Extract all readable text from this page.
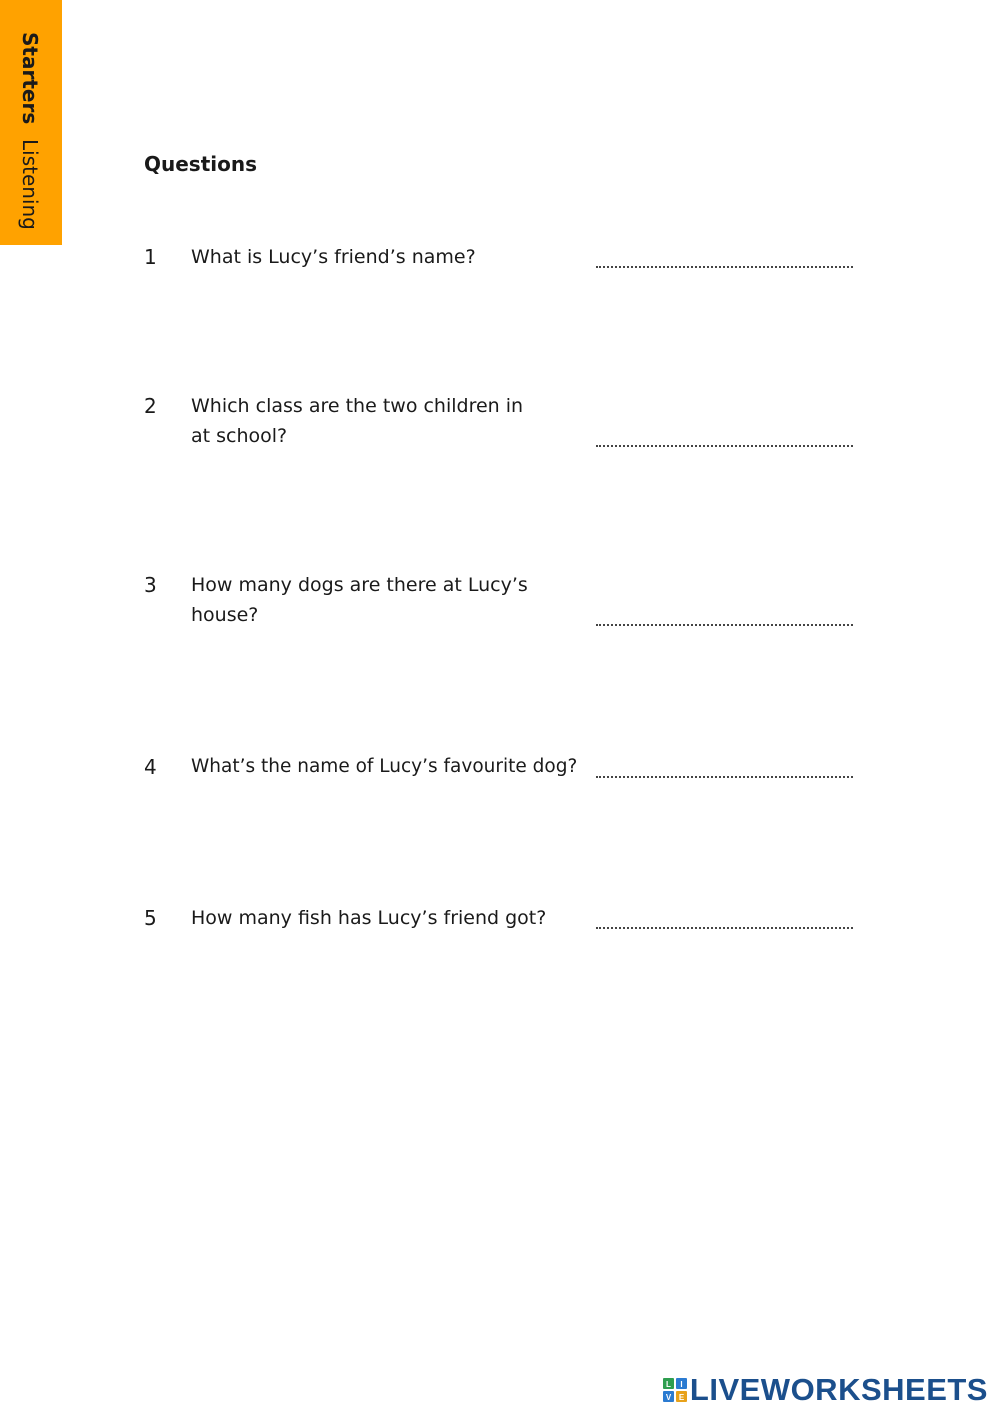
Starters Listening	Questions
1 What is Lucy’s friend’s name?
2 Which class are the two children in at school?
3 How many dogs are there at Lucy’s house?
4 What’s the name of Lucy’s favourite dog?
5 How many fish has Lucy’s friend got?
L I
V E LIVEWORKSHEETS
